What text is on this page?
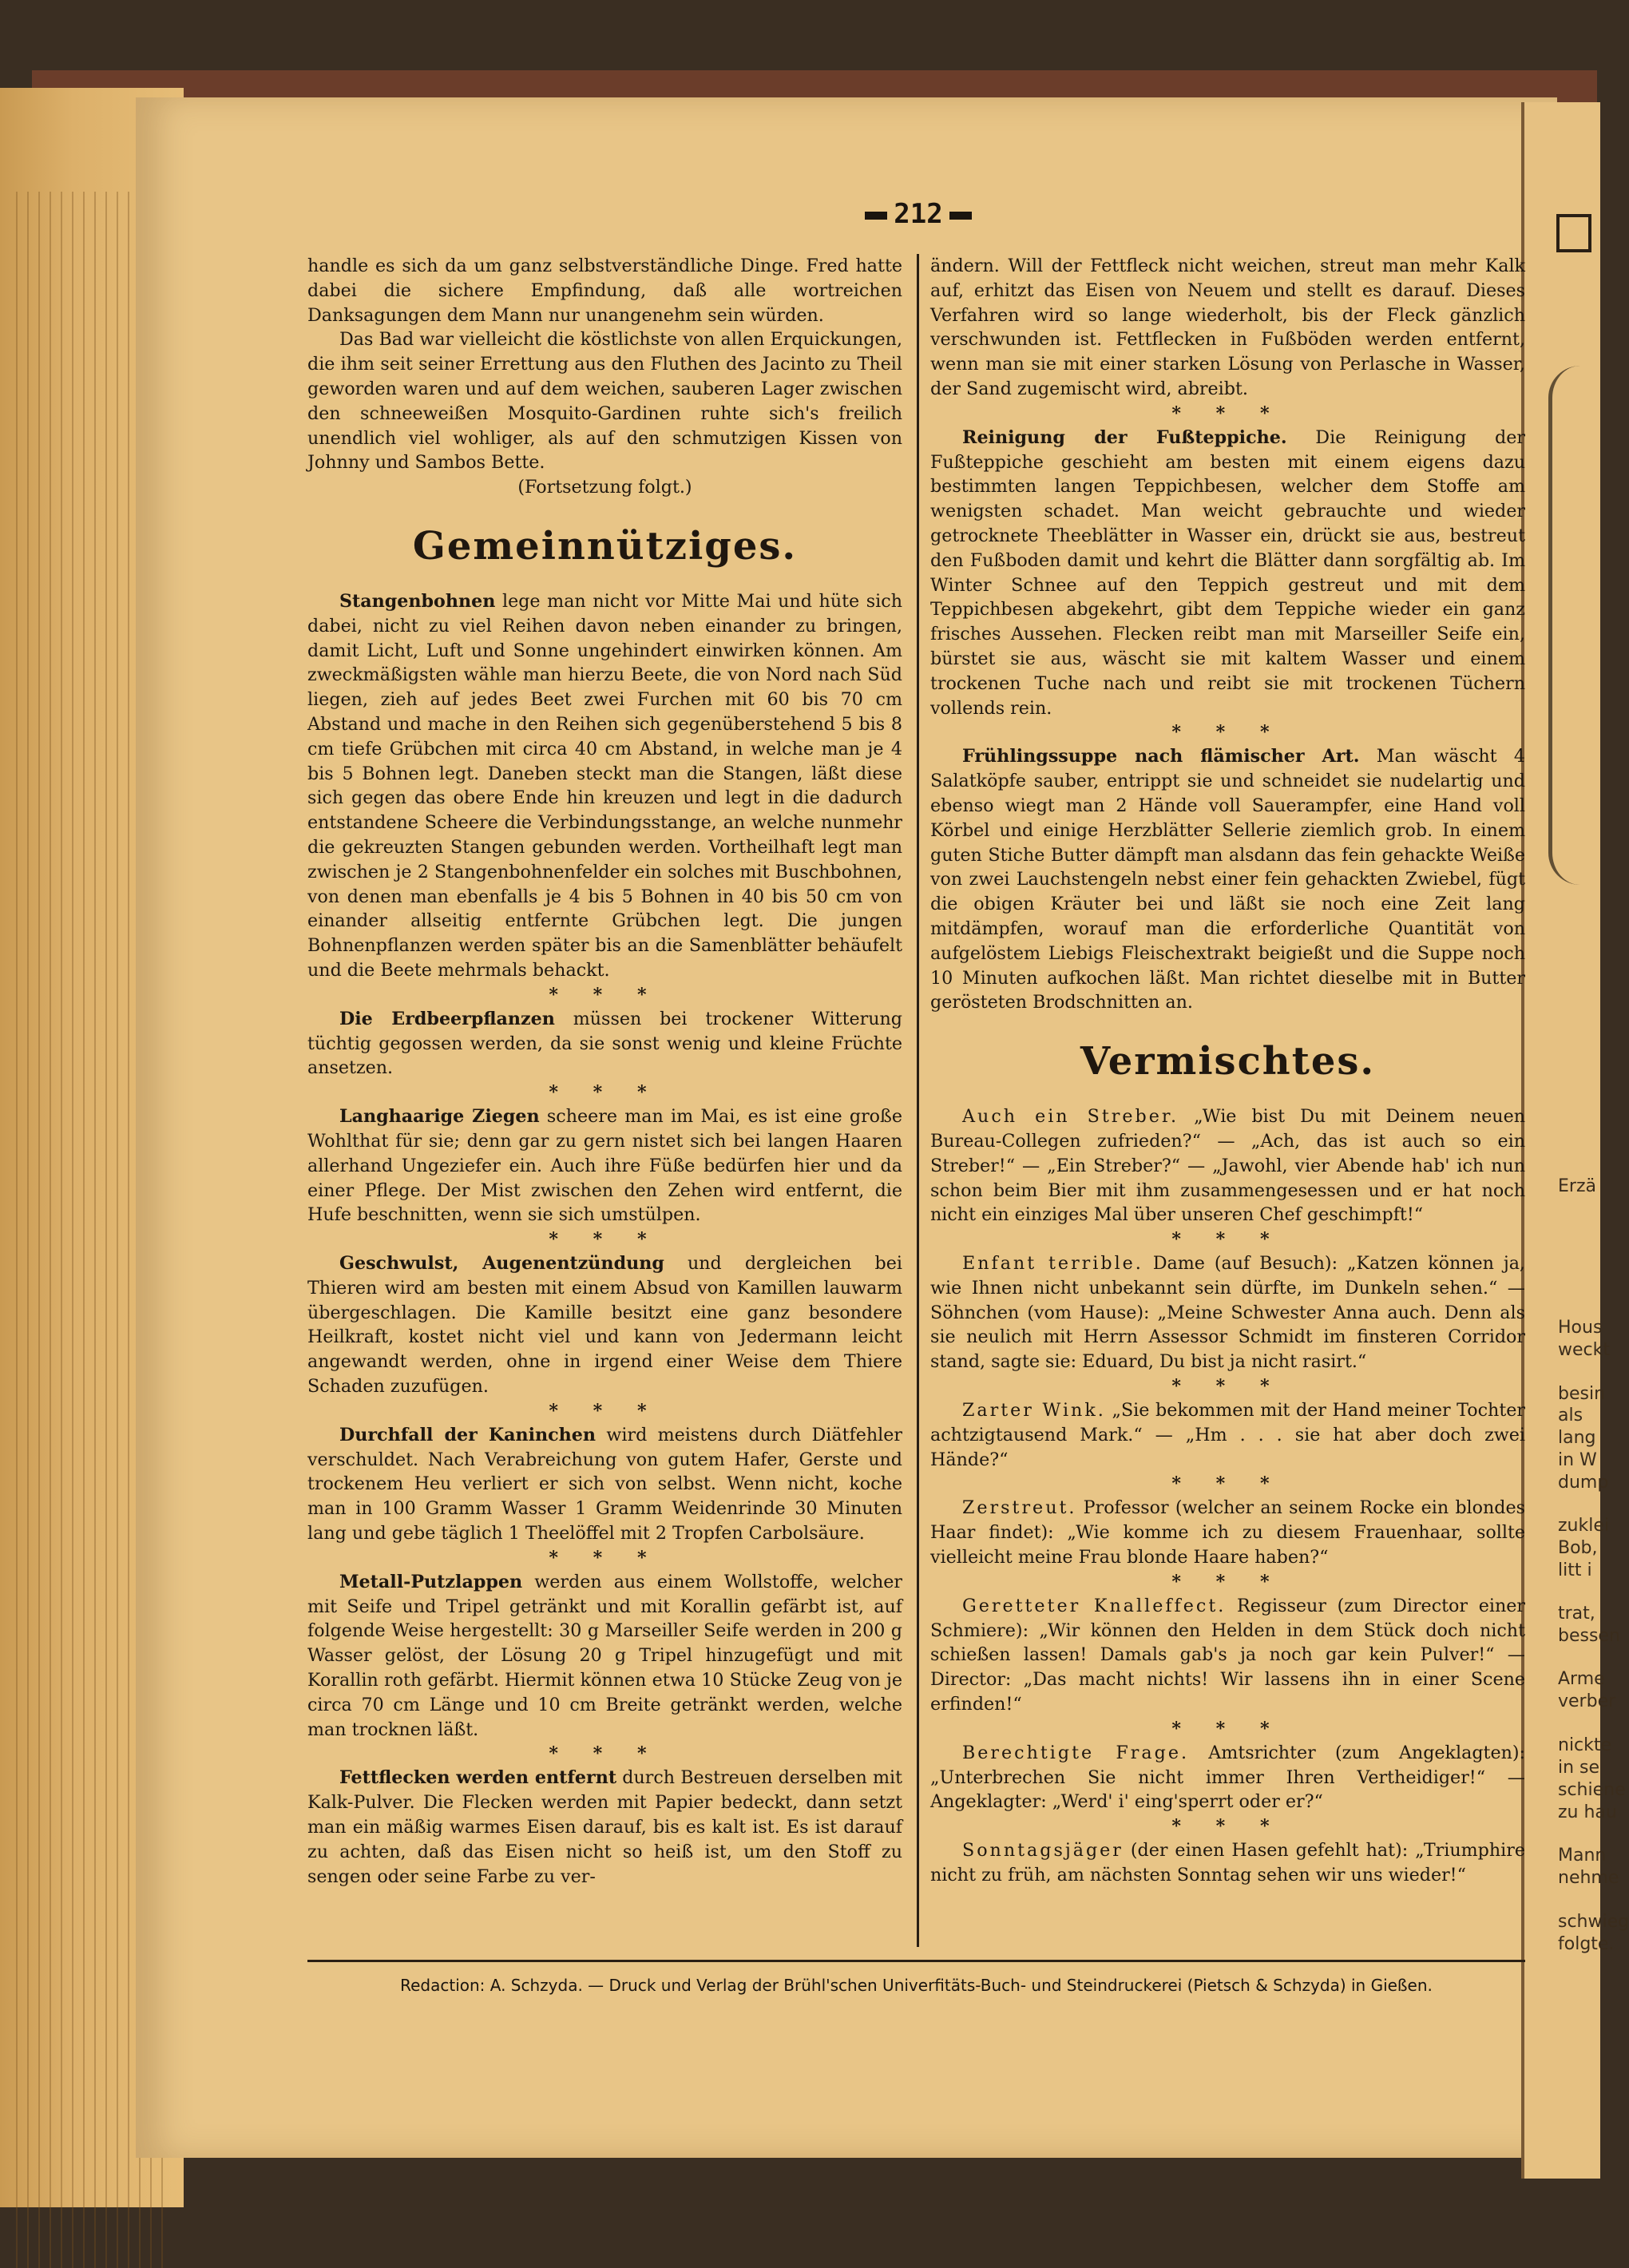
Erzä
Hous
weckt
besin
als
lang
in W
dump
zuklei
Bob,
litt i
trat,
bessen
Arme
verber
nickte
in se
schiene
zu hau
Mann
nehme
schwieg
folgte.
212

handle es sich da um ganz selbstverständliche Dinge. Fred hatte dabei die sichere Empfindung, daß alle wortreichen Danksagungen dem Mann nur unangenehm sein würden.

Das Bad war vielleicht die köstlichste von allen Erquickungen, die ihm seit seiner Errettung aus den Fluthen des Jacinto zu Theil geworden waren und auf dem weichen, sauberen Lager zwischen den schneeweißen Mosquito-Gardinen ruhte sich's freilich unendlich viel wohliger, als auf den schmutzigen Kissen von Johnny und Sambos Bette.

(Fortsetzung folgt.)

Gemeinnütziges.

Stangenbohnen lege man nicht vor Mitte Mai und hüte sich dabei, nicht zu viel Reihen davon neben einander zu bringen, damit Licht, Luft und Sonne ungehindert einwirken können. Am zweckmäßigsten wähle man hierzu Beete, die von Nord nach Süd liegen, zieh auf jedes Beet zwei Furchen mit 60 bis 70 cm Abstand und mache in den Reihen sich gegenüberstehend 5 bis 8 cm tiefe Grübchen mit circa 40 cm Abstand, in welche man je 4 bis 5 Bohnen legt. Daneben steckt man die Stangen, läßt diese sich gegen das obere Ende hin kreuzen und legt in die dadurch entstandene Scheere die Verbindungsstange, an welche nunmehr die gekreuzten Stangen gebunden werden. Vortheilhaft legt man zwischen je 2 Stangenbohnenfelder ein solches mit Buschbohnen, von denen man ebenfalls je 4 bis 5 Bohnen in 40 bis 50 cm von einander allseitig entfernte Grübchen legt. Die jungen Bohnenpflanzen werden später bis an die Samenblätter behäufelt und die Beete mehrmals behackt.

* * *

Die Erdbeerpflanzen müssen bei trockener Witterung tüchtig gegossen werden, da sie sonst wenig und kleine Früchte ansetzen.

* * *

Langhaarige Ziegen scheere man im Mai, es ist eine große Wohlthat für sie; denn gar zu gern nistet sich bei langen Haaren allerhand Ungeziefer ein. Auch ihre Füße bedürfen hier und da einer Pflege. Der Mist zwischen den Zehen wird entfernt, die Hufe beschnitten, wenn sie sich umstülpen.

* * *

Geschwulst, Augenentzündung und dergleichen bei Thieren wird am besten mit einem Absud von Kamillen lauwarm übergeschlagen. Die Kamille besitzt eine ganz besondere Heilkraft, kostet nicht viel und kann von Jedermann leicht angewandt werden, ohne in irgend einer Weise dem Thiere Schaden zuzufügen.

* * *

Durchfall der Kaninchen wird meistens durch Diätfehler verschuldet. Nach Verabreichung von gutem Hafer, Gerste und trockenem Heu verliert er sich von selbst. Wenn nicht, koche man in 100 Gramm Wasser 1 Gramm Weidenrinde 30 Minuten lang und gebe täglich 1 Theelöffel mit 2 Tropfen Carbolsäure.

* * *

Metall-Putzlappen werden aus einem Wollstoffe, welcher mit Seife und Tripel getränkt und mit Korallin gefärbt ist, auf folgende Weise hergestellt: 30 g Marseiller Seife werden in 200 g Wasser gelöst, der Lösung 20 g Tripel hinzugefügt und mit Korallin roth gefärbt. Hiermit können etwa 10 Stücke Zeug von je circa 70 cm Länge und 10 cm Breite getränkt werden, welche man trocknen läßt.

* * *

Fettflecken werden entfernt durch Bestreuen derselben mit Kalk-Pulver. Die Flecken werden mit Papier bedeckt, dann setzt man ein mäßig warmes Eisen darauf, bis es kalt ist. Es ist darauf zu achten, daß das Eisen nicht so heiß ist, um den Stoff zu sengen oder seine Farbe zu ver-

ändern. Will der Fettfleck nicht weichen, streut man mehr Kalk auf, erhitzt das Eisen von Neuem und stellt es darauf. Dieses Verfahren wird so lange wiederholt, bis der Fleck gänzlich verschwunden ist. Fettflecken in Fußböden werden entfernt, wenn man sie mit einer starken Lösung von Perlasche in Wasser, der Sand zugemischt wird, abreibt.

* * *

Reinigung der Fußteppiche. Die Reinigung der Fußteppiche geschieht am besten mit einem eigens dazu bestimmten langen Teppichbesen, welcher dem Stoffe am wenigsten schadet. Man weicht gebrauchte und wieder getrocknete Theeblätter in Wasser ein, drückt sie aus, bestreut den Fußboden damit und kehrt die Blätter dann sorgfältig ab. Im Winter Schnee auf den Teppich gestreut und mit dem Teppichbesen abgekehrt, gibt dem Teppiche wieder ein ganz frisches Aussehen. Flecken reibt man mit Marseiller Seife ein, bürstet sie aus, wäscht sie mit kaltem Wasser und einem trockenen Tuche nach und reibt sie mit trockenen Tüchern vollends rein.

* * *

Frühlingssuppe nach flämischer Art. Man wäscht 4 Salatköpfe sauber, entrippt sie und schneidet sie nudelartig und ebenso wiegt man 2 Hände voll Sauerampfer, eine Hand voll Körbel und einige Herzblätter Sellerie ziemlich grob. In einem guten Stiche Butter dämpft man alsdann das fein gehackte Weiße von zwei Lauchstengeln nebst einer fein gehackten Zwiebel, fügt die obigen Kräuter bei und läßt sie noch eine Zeit lang mitdämpfen, worauf man die erforderliche Quantität von aufgelöstem Liebigs Fleischextrakt beigießt und die Suppe noch 10 Minuten aufkochen läßt. Man richtet dieselbe mit in Butter gerösteten Brodschnitten an.

Vermischtes.

Auch ein Streber. „Wie bist Du mit Deinem neuen Bureau-Collegen zufrieden?“ — „Ach, das ist auch so ein Streber!“ — „Ein Streber?“ — „Jawohl, vier Abende hab' ich nun schon beim Bier mit ihm zusammengesessen und er hat noch nicht ein einziges Mal über unseren Chef geschimpft!“

* * *

Enfant terrible. Dame (auf Besuch): „Katzen können ja, wie Ihnen nicht unbekannt sein dürfte, im Dunkeln sehen.“ — Söhnchen (vom Hause): „Meine Schwester Anna auch. Denn als sie neulich mit Herrn Assessor Schmidt im finsteren Corridor stand, sagte sie: Eduard, Du bist ja nicht rasirt.“

* * *

Zarter Wink. „Sie bekommen mit der Hand meiner Tochter achtzigtausend Mark.“ — „Hm . . . sie hat aber doch zwei Hände?“

* * *

Zerstreut. Professor (welcher an seinem Rocke ein blondes Haar findet): „Wie komme ich zu diesem Frauenhaar, sollte vielleicht meine Frau blonde Haare haben?“

* * *

Geretteter Knalleffect. Regisseur (zum Director einer Schmiere): „Wir können den Helden in dem Stück doch nicht schießen lassen! Damals gab's ja noch gar kein Pulver!“ — Director: „Das macht nichts! Wir lassens ihn in einer Scene erfinden!“

* * *

Berechtigte Frage. Amtsrichter (zum Angeklagten): „Unterbrechen Sie nicht immer Ihren Vertheidiger!“ — Angeklagter: „Werd' i' eing'sperrt oder er?“

* * *

Sonntagsjäger (der einen Hasen gefehlt hat): „Triumphire nicht zu früh, am nächsten Sonntag sehen wir uns wieder!“

Redaction: A. Schzyda. — Druck und Verlag der Brühl'schen Univerfitäts-Buch- und Steindruckerei (Pietsch & Schzyda) in Gießen.
